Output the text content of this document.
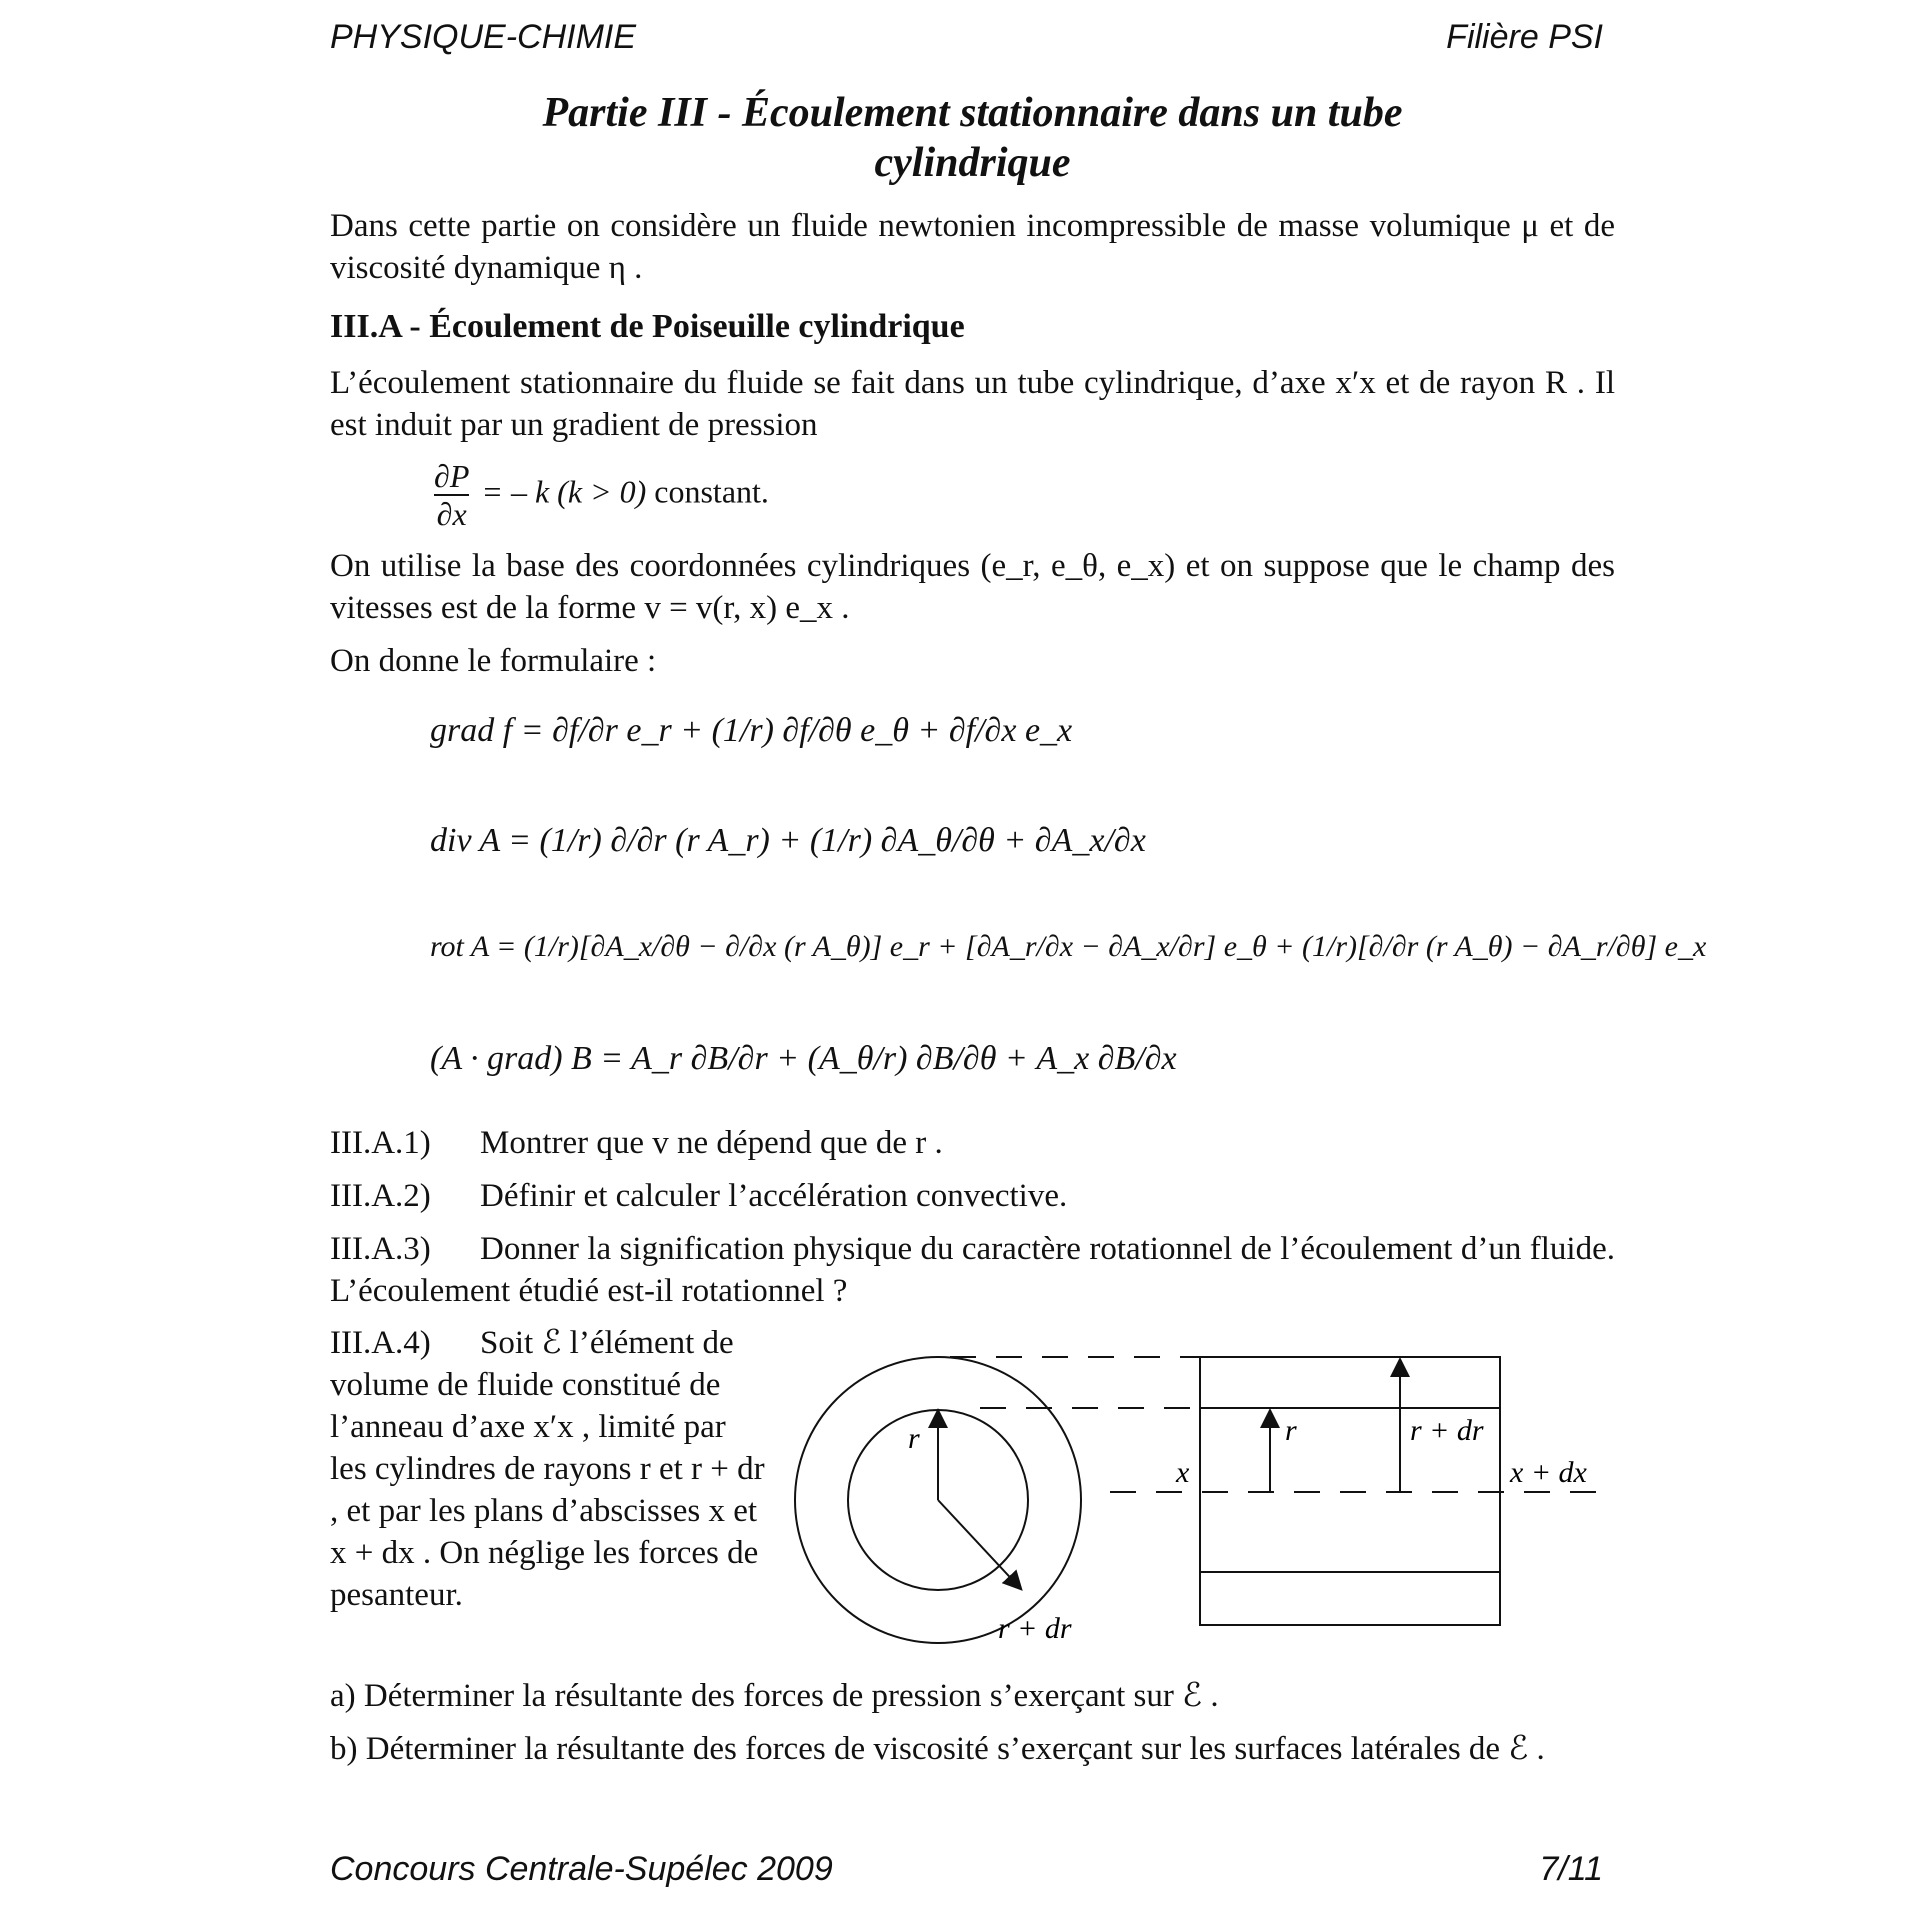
PHYSIQUE-CHIMIE	Filière PSI
Partie III - Écoulement stationnaire dans un tube
cylindrique
Dans cette partie on considère un fluide newtonien incompressible de masse volumique μ et de viscosité dynamique η .
III.A - Écoulement de Poiseuille cylindrique
L’écoulement stationnaire du fluide se fait dans un tube cylindrique, d’axe x′x et de rayon R . Il est induit par un gradient de pression
$\frac{\partial P}{\partial x}$ = – k (k > 0) constant.
On utilise la base des coordonnées cylindriques (e_r, e_θ, e_x) et on suppose que le champ des vitesses est de la forme v = v(r, x) e_x .
On donne le formulaire :
grad f = ∂f/∂r e_r + (1/r) ∂f/∂θ e_θ + ∂f/∂x e_x
div A = (1/r) ∂/∂r (r A_r) + (1/r) ∂A_θ/∂θ + ∂A_x/∂x
rot A = (1/r)[∂A_x/∂θ − ∂/∂x (r A_θ)] e_r + [∂A_r/∂x − ∂A_x/∂r] e_θ + (1/r)[∂/∂r (r A_θ) − ∂A_r/∂θ] e_x
(A · grad) B = A_r ∂B/∂r + (A_θ/r) ∂B/∂θ + A_x ∂B/∂x
III.A.1) Montrer que v ne dépend que de r .
III.A.2) Définir et calculer l’accélération convective.
III.A.3) Donner la signification physique du caractère rotationnel de l’écoulement d’un fluide. L’écoulement étudié est-il rotationnel ?
III.A.4) Soit ℰ l’élément de volume de fluide constitué de l’anneau d’axe x′x , limité par les cylindres de rayons r et r + dr , et par les plans d’abscisses x et x + dx . On néglige les forces de pesanteur.
r
r + dr
r	r + dr
x	x + dx
a) Déterminer la résultante des forces de pression s’exerçant sur ℰ .
b) Déterminer la résultante des forces de viscosité s’exerçant sur les surfaces latérales de ℰ .
Concours Centrale-Supélec 2009	7/11
